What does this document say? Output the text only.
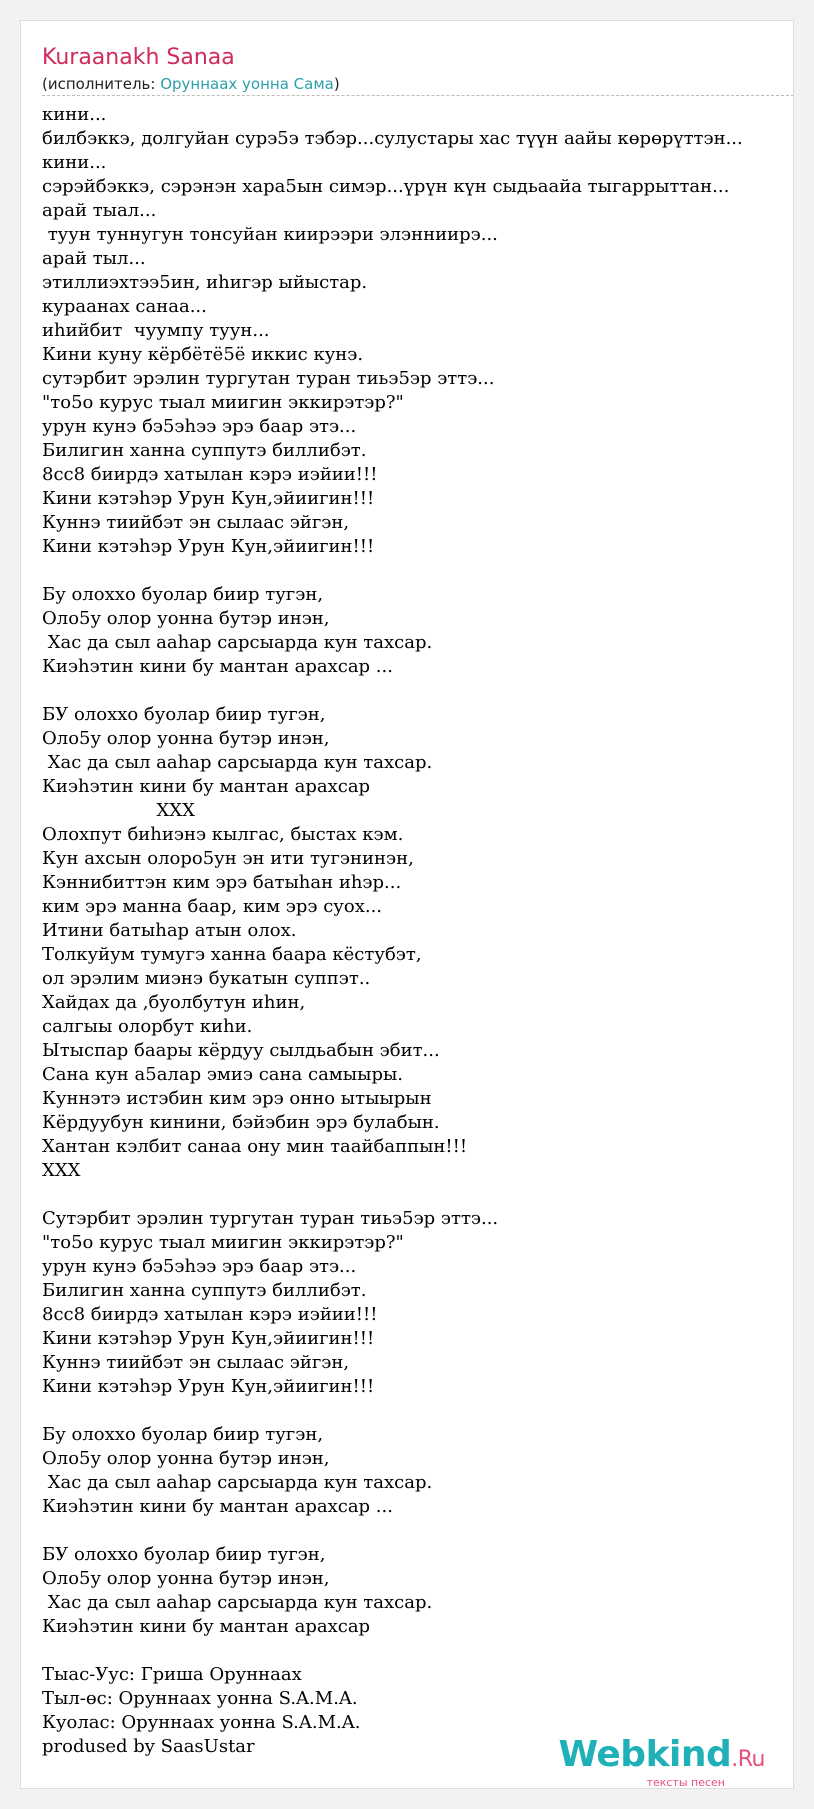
Kuraanakh Sanaa
(исполнитель: Оруннаах уонна Сама)
кини...
билбэккэ, долгуйан сурэ5э тэбэр...сулустары хас түүн аайы көрөрүттэн...
кини...
сэрэйбэккэ, сэрэнэн хара5ын симэр...үрүн күн сыдьаайа тыгаррыттан...
арай тыал...
туун туннугун тонсуйан киирээри элэнниирэ...
арай тыл...
этиллиэхтээ5ин, иhигэр ыйыстар.
кураанах санаа...
иhийбит  чуумпу туун...
Кини куну кёрбётё5ё иккис кунэ.
сутэрбит эрэлин тургутан туран тиьэ5эр эттэ...
"то5о курус тыал миигин эккирэтэр?"
урун кунэ бэ5эhээ эрэ баар этэ...
Билигин ханна суппутэ биллибэт.
8сс8 биирдэ хатылан кэрэ иэйии!!!
Кини кэтэhэр Урун Кун,эйиигин!!!
Куннэ тиийбэт эн сылаас эйгэн,
Кини кэтэhэр Урун Кун,эйиигин!!!

Бу олоххо буолар биир тугэн,
Оло5у олор уонна бутэр инэн,
Хас да сыл ааhар сарсыарда кун тахсар.
Киэhэтин кини бу мантан арахсар ...

БУ олоххо буолар биир тугэн,
Оло5у олор уонна бутэр инэн,
Хас да сыл ааhар сарсыарда кун тахсар.
Киэhэтин кини бу мантан арахсар
XXX
Олохпут биhиэнэ кылгас, быстах кэм.
Кун ахсын олоро5ун эн ити тугэнинэн,
Кэннибиттэн ким эрэ батыhан иhэр...
ким эрэ манна баар, ким эрэ суох...
Итини батыhар атын олох.
Толкуйум тумугэ ханна баара кёстубэт,
ол эрэлим миэнэ букатын суппэт..
Хайдах да ,буолбутун иhин,
салгыы олорбут киhи.
Ытыспар баары кёрдуу сылдьабын эбит...
Сана кун а5алар эмиэ сана самыыры.
Куннэтэ истэбин ким эрэ онно ытыырын
Кёрдуубун кинини, бэйэбин эрэ булабын.
Хантан кэлбит санаа ону мин таайбаппын!!!
XXX

Сутэрбит эрэлин тургутан туран тиьэ5эр эттэ...
"то5о курус тыал миигин эккирэтэр?"
урун кунэ бэ5эhээ эрэ баар этэ...
Билигин ханна суппутэ биллибэт.
8сс8 биирдэ хатылан кэрэ иэйии!!!
Кини кэтэhэр Урун Кун,эйиигин!!!
Куннэ тиийбэт эн сылаас эйгэн,
Кини кэтэhэр Урун Кун,эйиигин!!!

Бу олоххо буолар биир тугэн,
Оло5у олор уонна бутэр инэн,
Хас да сыл ааhар сарсыарда кун тахсар.
Киэhэтин кини бу мантан арахсар ...

БУ олоххо буолар биир тугэн,
Оло5у олор уонна бутэр инэн,
Хас да сыл ааhар сарсыарда кун тахсар.
Киэhэтин кини бу мантан арахсар

Тыас-Уус: Гриша Оруннаах
Тыл-өс: Оруннаах уонна S.A.M.A.
Куолас: Оруннаах уонна S.A.M.A.
prodused by SaasUstar	Webkind.Ru
тексты песен
